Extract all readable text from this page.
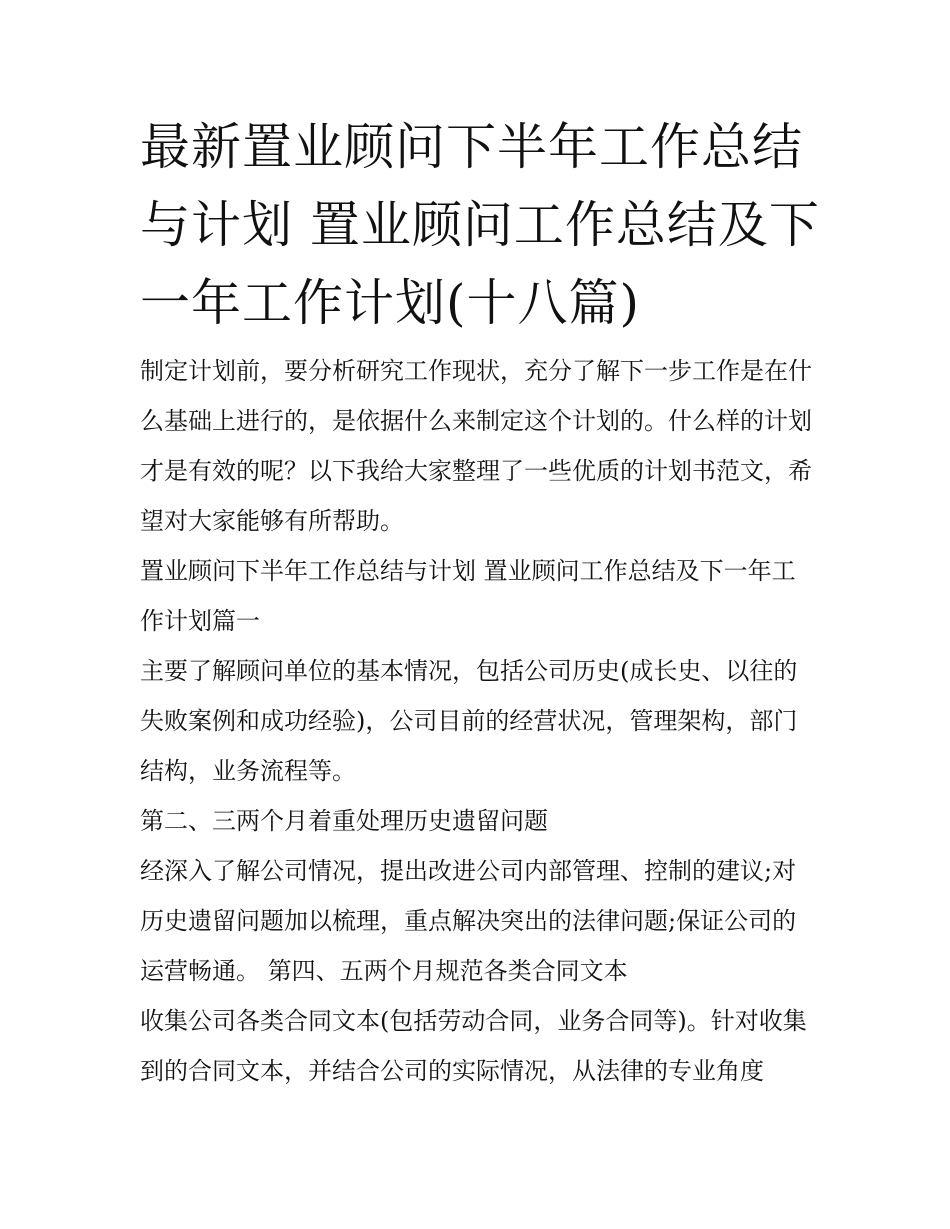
最新置业顾问下半年工作总结与计划 置业顾问工作总结及下一年工作计划(十八篇)

制定计划前，要分析研究工作现状，充分了解下一步工作是在什么基础上进行的，是依据什么来制定这个计划的。什么样的计划才是有效的呢？以下我给大家整理了一些优质的计划书范文，希望对大家能够有所帮助。

置业顾问下半年工作总结与计划 置业顾问工作总结及下一年工作计划篇一

主要了解顾问单位的基本情况，包括公司历史(成长史、以往的失败案例和成功经验)，公司目前的经营状况，管理架构，部门结构，业务流程等。

第二、三两个月着重处理历史遗留问题

经深入了解公司情况，提出改进公司内部管理、控制的建议;对历史遗留问题加以梳理，重点解决突出的法律问题;保证公司的运营畅通。 第四、五两个月规范各类合同文本

收集公司各类合同文本(包括劳动合同，业务合同等)。针对收集到的合同文本，并结合公司的实际情况，从法律的专业角度
